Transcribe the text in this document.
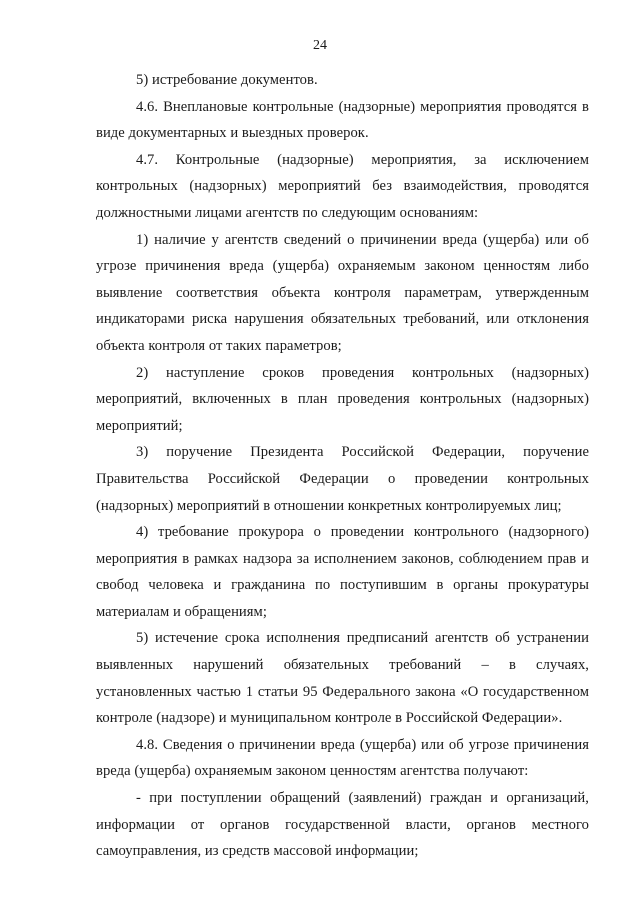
24

5) истребование документов.

4.6. Внеплановые контрольные (надзорные) мероприятия проводятся в виде документарных и выездных проверок.

4.7. Контрольные (надзорные) мероприятия, за исключением контрольных (надзорных) мероприятий без взаимодействия, проводятся должностными лицами агентств по следующим основаниям:

1) наличие у агентств сведений о причинении вреда (ущерба) или об угрозе причинения вреда (ущерба) охраняемым законом ценностям либо выявление соответствия объекта контроля параметрам, утвержденным индикаторами риска нарушения обязательных требований, или отклонения объекта контроля от таких параметров;

2) наступление сроков проведения контрольных (надзорных) мероприятий, включенных в план проведения контрольных (надзорных) мероприятий;

3) поручение Президента Российской Федерации, поручение Правительства Российской Федерации о проведении контрольных (надзорных) мероприятий в отношении конкретных контролируемых лиц;

4) требование прокурора о проведении контрольного (надзорного) мероприятия в рамках надзора за исполнением законов, соблюдением прав и свобод человека и гражданина по поступившим в органы прокуратуры материалам и обращениям;

5) истечение срока исполнения предписаний агентств об устранении выявленных нарушений обязательных требований – в случаях, установленных частью 1 статьи 95 Федерального закона «О государственном контроле (надзоре) и муниципальном контроле в Российской Федерации».

4.8. Сведения о причинении вреда (ущерба) или об угрозе причинения вреда (ущерба) охраняемым законом ценностям агентства получают:

- при поступлении обращений (заявлений) граждан и организаций, информации от органов государственной власти, органов местного самоуправления, из средств массовой информации;
